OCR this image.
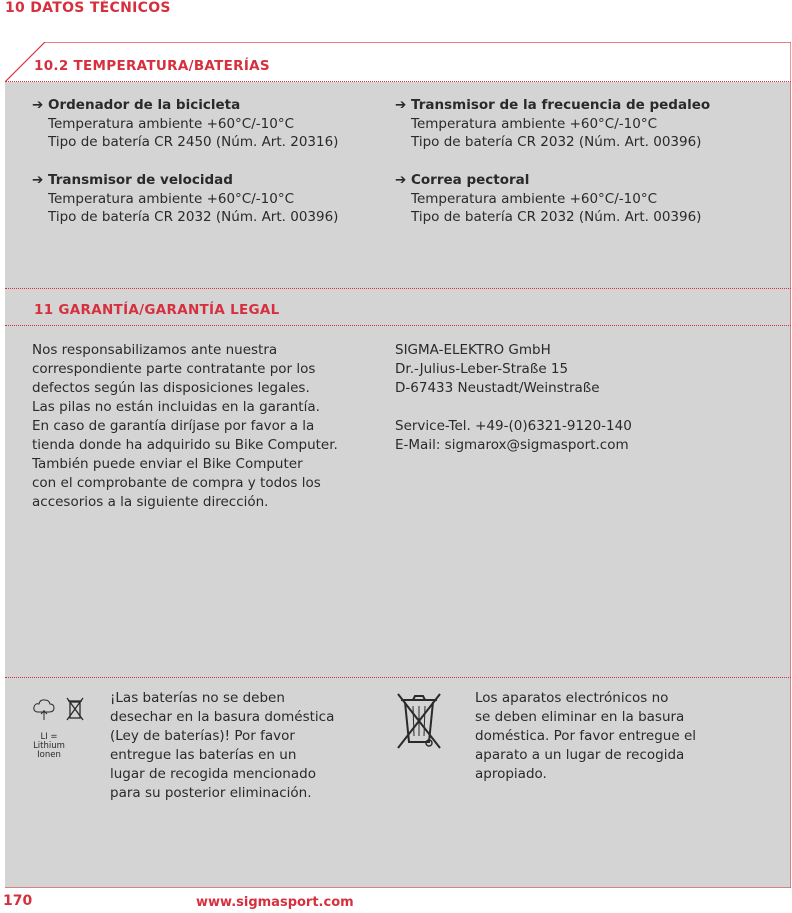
10 DATOS TÉCNICOS
10.2 TEMPERATURA/BATERÍAS
➔ Ordenador de la bicicleta
Temperatura ambiente +60°C/-10°C
Tipo de batería CR 2450 (Núm. Art. 20316)
➔ Transmisor de velocidad
Temperatura ambiente +60°C/-10°C
Tipo de batería CR 2032 (Núm. Art. 00396)
➔ Transmisor de la frecuencia de pedaleo
Temperatura ambiente +60°C/-10°C
Tipo de batería CR 2032 (Núm. Art. 00396)
➔ Correa pectoral
Temperatura ambiente +60°C/-10°C
Tipo de batería CR 2032 (Núm. Art. 00396)
11 GARANTÍA/GARANTÍA LEGAL
Nos responsabilizamos ante nuestra
correspondiente parte contratante por los
defectos según las disposiciones legales.
Las pilas no están incluidas en la garantía.
En caso de garantía diríjase por favor a la
tienda donde ha adquirido su Bike Computer.
También puede enviar el Bike Computer
con el comprobante de compra y todos los
accesorios a la siguiente dirección.
SIGMA-ELEKTRO GmbH
Dr.-Julius-Leber-Straße 15
D-67433 Neustadt/Weinstraße
Service-Tel. +49-(0)6321-9120-140
E-Mail: sigmarox@sigmasport.com
LI =
Lithium Ionen
¡Las baterías no se deben
desechar en la basura doméstica
(Ley de baterías)! Por favor
entregue las baterías en un
lugar de recogida mencionado
para su posterior eliminación.
Los aparatos electrónicos no
se deben eliminar en la basura
doméstica. Por favor entregue el
aparato a un lugar de recogida
apropiado.
170	www.sigmasport.com
